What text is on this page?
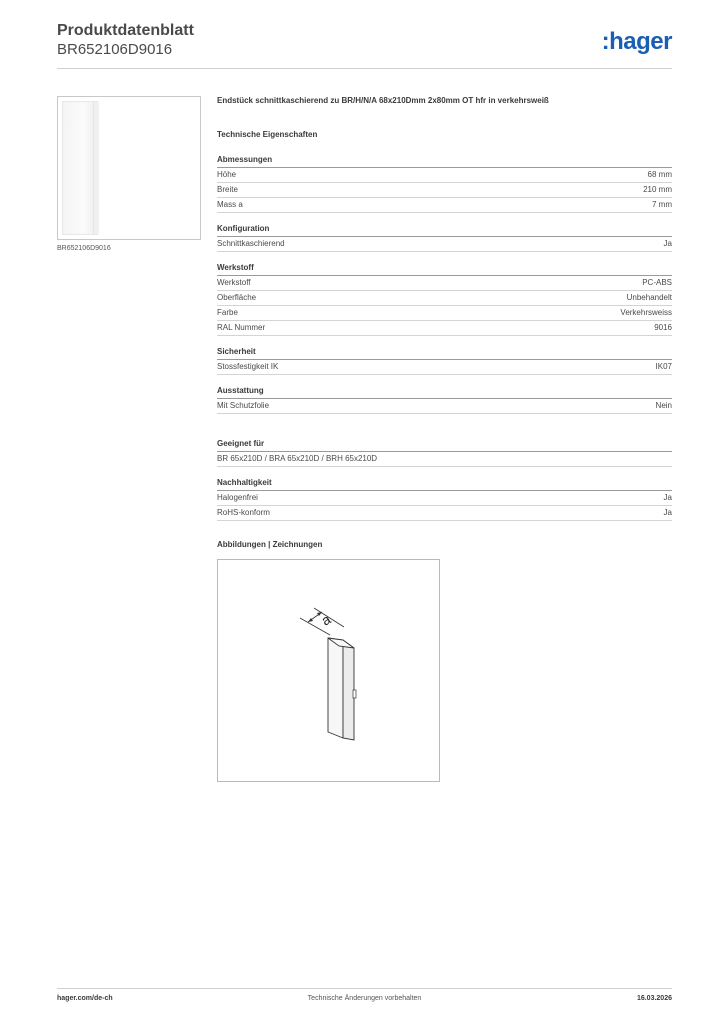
Produktdatenblatt
BR652106D9016	:hager
BR652106D9016
Endstück schnittkaschierend zu BR/H/N/A 68x210Dmm 2x80mm OT hfr in verkehrsweiß
Technische Eigenschaften
Abmessungen
Höhe	68 mm
Breite	210 mm
Mass a	7 mm
Konfiguration
Schnittkaschierend	Ja
Werkstoff
Werkstoff	PC-ABS
Oberfläche	Unbehandelt
Farbe	Verkehrsweiss
RAL Nummer	9016
Sicherheit
Stossfestigkeit IK	IK07
Ausstattung
Mit Schutzfolie	Nein
Geeignet für
BR 65x210D / BRA 65x210D / BRH 65x210D
Nachhaltigkeit
Halogenfrei	Ja
RoHS-konform	Ja
Abbildungen | Zeichnungen
a
hager.com/de-ch	Technische Änderungen vorbehalten	16.03.2026
